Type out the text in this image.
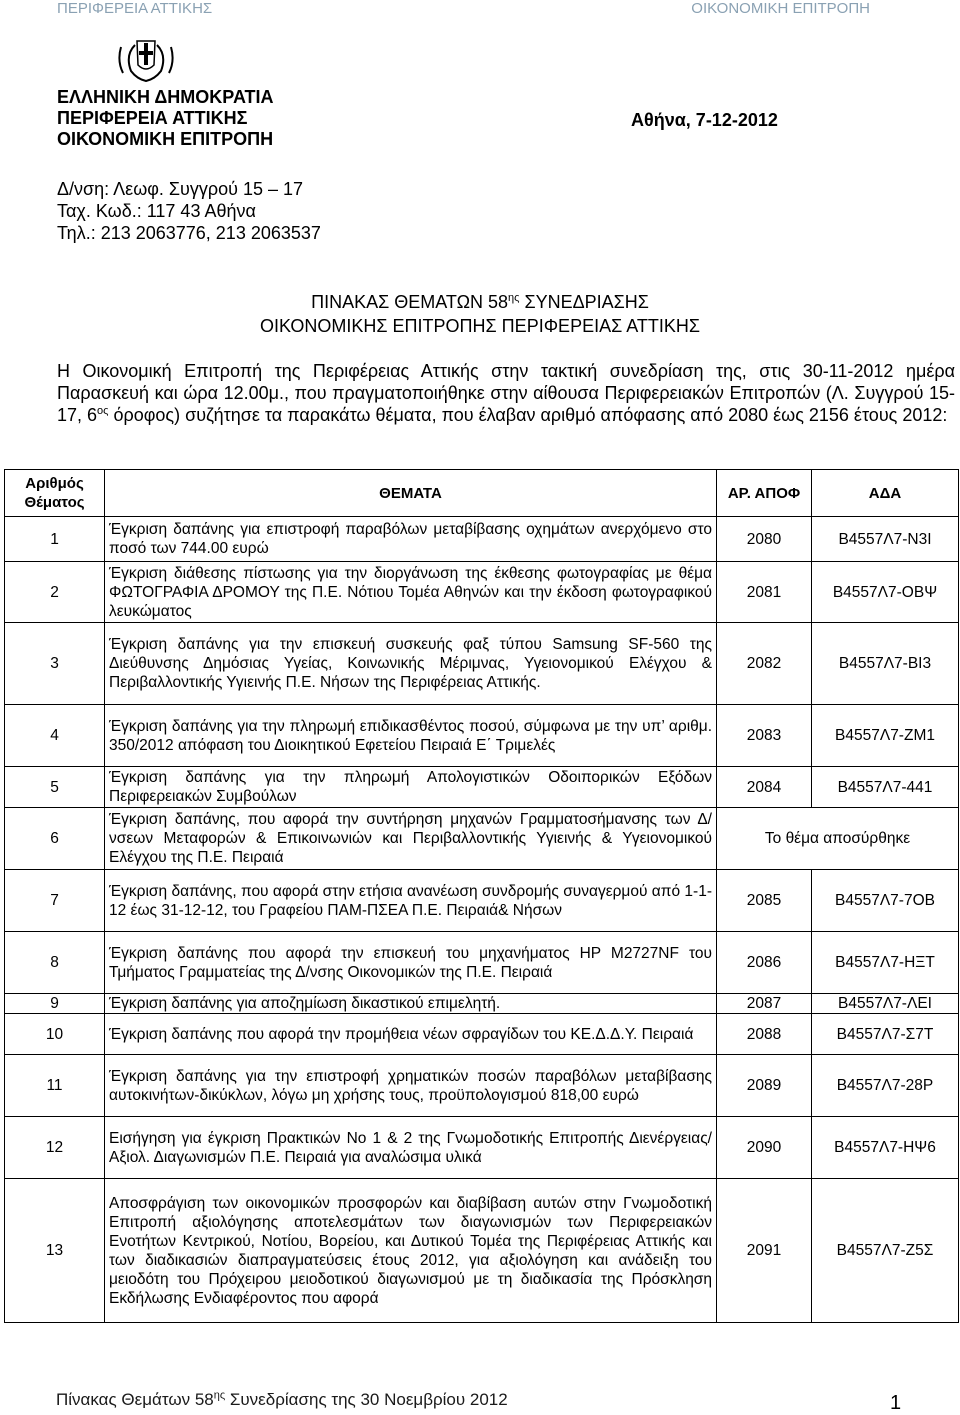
ΠΕΡΙΦΕΡΕΙΑ ΑΤΤΙΚΗΣ	ΟΙΚΟΝΟΜΙΚΗ ΕΠΙΤΡΟΠΗ
ΕΛΛΗΝΙΚΗ ΔΗΜΟΚΡΑΤΙΑ
ΠΕΡΙΦΕΡΕΙΑ ΑΤΤΙΚΗΣ
ΟΙΚΟΝΟΜΙΚΗ ΕΠΙΤΡΟΠΗ
Αθήνα, 7-12-2012
Δ/νση: Λεωφ. Συγγρού 15 – 17
Ταχ. Κωδ.: 117 43 Αθήνα
Τηλ.: 213 2063776, 213 2063537
ΠΙΝΑΚΑΣ ΘΕΜΑΤΩΝ $58^{\eta\varsigma}$ ΣΥΝΕΔΡΙΑΣΗΣ
ΟΙΚΟΝΟΜΙΚΗΣ ΕΠΙΤΡΟΠΗΣ ΠΕΡΙΦΕΡΕΙΑΣ ΑΤΤΙΚΗΣ
Η Οικονομική Επιτροπή της Περιφέρειας Αττικής στην τακτική συνεδρίαση της, στις 30-11-2012 ημέρα Παρασκευή και ώρα 12.00μ., που πραγματοποιήθηκε στην αίθουσα Περιφερειακών Επιτροπών (Λ. Συγγρού 15-17, $6^{o\varsigma}$ όροφος) συζήτησε τα παρακάτω θέματα, που έλαβαν αριθμό απόφασης από 2080 έως 2156 έτους 2012:
Αριθμός Θέματος	ΘΕΜΑΤΑ	ΑΡ. ΑΠΟΦ	ΑΔΑ
1	Έγκριση δαπάνης για επιστροφή παραβόλων μεταβίβασης οχημάτων ανερχόμενο στο ποσό των 744.00 ευρώ	2080	Β4557Λ7-Ν3Ι
2	Έγκριση διάθεσης πίστωσης για την διοργάνωση της έκθεσης φωτογραφίας με θέμα ΦΩΤΟΓΡΑΦΙΑ ΔΡΟΜΟΥ της Π.Ε. Νότιου Τομέα Αθηνών και την έκδοση φωτογραφικού λευκώματος	2081	Β4557Λ7-ΟΒΨ
3	Έγκριση δαπάνης για την επισκευή συσκευής φαξ τύπου Samsung SF-560 της Διεύθυνσης Δημόσιας Υγείας, Κοινωνικής Μέριμνας, Υγειονομικού Ελέγχου & Περιβαλλοντικής Υγιεινής Π.Ε. Νήσων της Περιφέρειας Αττικής.	2082	Β4557Λ7-ΒΙ3
4	Έγκριση δαπάνης για την πληρωμή επιδικασθέντος ποσού, σύμφωνα με την υπ’ αριθμ. 350/2012 απόφαση του Διοικητικού Εφετείου Πειραιά Ε΄ Τριμελές	2083	Β4557Λ7-ΖΜ1
5	Έγκριση δαπάνης για την πληρωμή Απολογιστικών Οδοιπορικών Εξόδων Περιφερειακών Συμβούλων	2084	Β4557Λ7-441
6	Έγκριση δαπάνης, που αφορά την συντήρηση μηχανών Γραμματοσήμανσης των Δ/νσεων Μεταφορών & Επικοινωνιών και Περιβαλλοντικής Υγιεινής & Υγειονομικού Ελέγχου της Π.Ε. Πειραιά	Το θέμα αποσύρθηκε	
7	Έγκριση δαπάνης, που αφορά στην ετήσια ανανέωση συνδρομής συναγερμού από 1-1-12 έως 31-12-12, του Γραφείου ΠΑΜ-ΠΣΕΑ Π.Ε. Πειραιά& Νήσων	2085	Β4557Λ7-7ΟΒ
8	Έγκριση δαπάνης που αφορά την επισκευή του μηχανήματος HP M2727NF του Τμήματος Γραμματείας της Δ/νσης Οικονομικών της Π.Ε. Πειραιά	2086	Β4557Λ7-ΗΞΤ
9	Έγκριση δαπάνης για αποζημίωση δικαστικού επιμελητή.	2087	Β4557Λ7-ΛΕΙ
10	Έγκριση δαπάνης που αφορά την προμήθεια νέων σφραγίδων του ΚΕ.Δ.Δ.Υ. Πειραιά	2088	Β4557Λ7-Σ7Τ
11	Έγκριση δαπάνης για την επιστροφή χρηματικών ποσών παραβόλων μεταβίβασης αυτοκινήτων-δικύκλων, λόγω μη χρήσης τους, προϋπολογισμού 818,00 ευρώ	2089	Β4557Λ7-28Ρ
12	Εισήγηση για έγκριση Πρακτικών Νο 1 & 2 της Γνωμοδοτικής Επιτροπής Διενέργειας/Αξιολ. Διαγωνισμών Π.Ε. Πειραιά για αναλώσιμα υλικά	2090	Β4557Λ7-ΗΨ6
13	Αποσφράγιση των οικονομικών προσφορών και διαβίβαση αυτών στην Γνωμοδοτική Επιτροπή αξιολόγησης αποτελεσμάτων των διαγωνισμών των Περιφερειακών Ενοτήτων Κεντρικού, Νοτίου, Βορείου, και Δυτικού Τομέα της Περιφέρειας Αττικής και των διαδικασιών διαπραγματεύσεις έτους 2012, για αξιολόγηση και ανάδειξη του μειοδότη του Πρόχειρου μειοδοτικού διαγωνισμού με τη διαδικασία της Πρόσκληση Εκδήλωσης Ενδιαφέροντος που αφορά	2091	Β4557Λ7-Ζ5Σ
Πίνακας Θεμάτων $58^{\eta\varsigma}$ Συνεδρίασης της 30 Νοεμβρίου 2012	1
